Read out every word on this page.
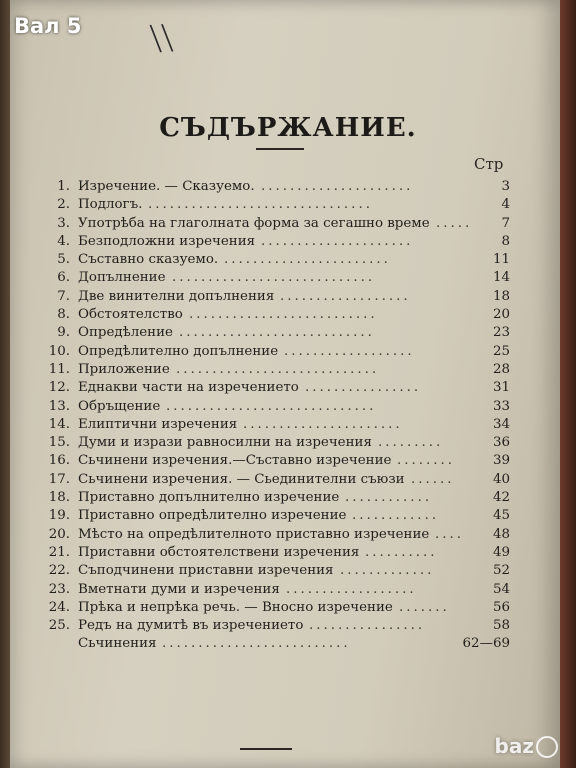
Вал 5 \\
СЪДЪРЖАНИЕ.
Стр
1. Изречение. — Сказуемо.	3
.....................
2. Подлогъ.	4
...............................
3. Употрѣба на глаголната форма за сегашно време	7
.....
4. Безподложни изречения	8
.....................
5. Съставно сказуемо.	11
.......................
6. Допълнение	14
............................
7. Две винителни допълнения	18
..................
8. Обстоятелство	20
..........................
9. Опредѣление	23
...........................
10. Опредѣлително допълнение	25
..................
11. Приложение	28
............................
12. Еднакви части на изречението	31
................
13. Обръщение	33
.............................
14. Елиптични изречения	34
......................
15. Думи и изрази равносилни на изречения	36
.........
16. Сьчинени изречения.—Съставно изречение	39
........
17. Сьчинени изречения. — Сьединителни съюзи	40
......
18. Приставно допълнително изречение	42
............
19. Приставно опредѣлително изречение	45
............
20. Мѣсто на опредѣлителното приставно изречение	48
....
21. Приставни обстоятелствени изречения	49
..........
22. Съподчинени приставни изречения	52
.............
23. Вметнати думи и изречения	54
..................
24. Прѣка и непрѣка речь. — Вносно изречение	56
.......
25. Редъ на думитѣ въ изречението	58
................
Сьчинения	62—69
..........................
baz
